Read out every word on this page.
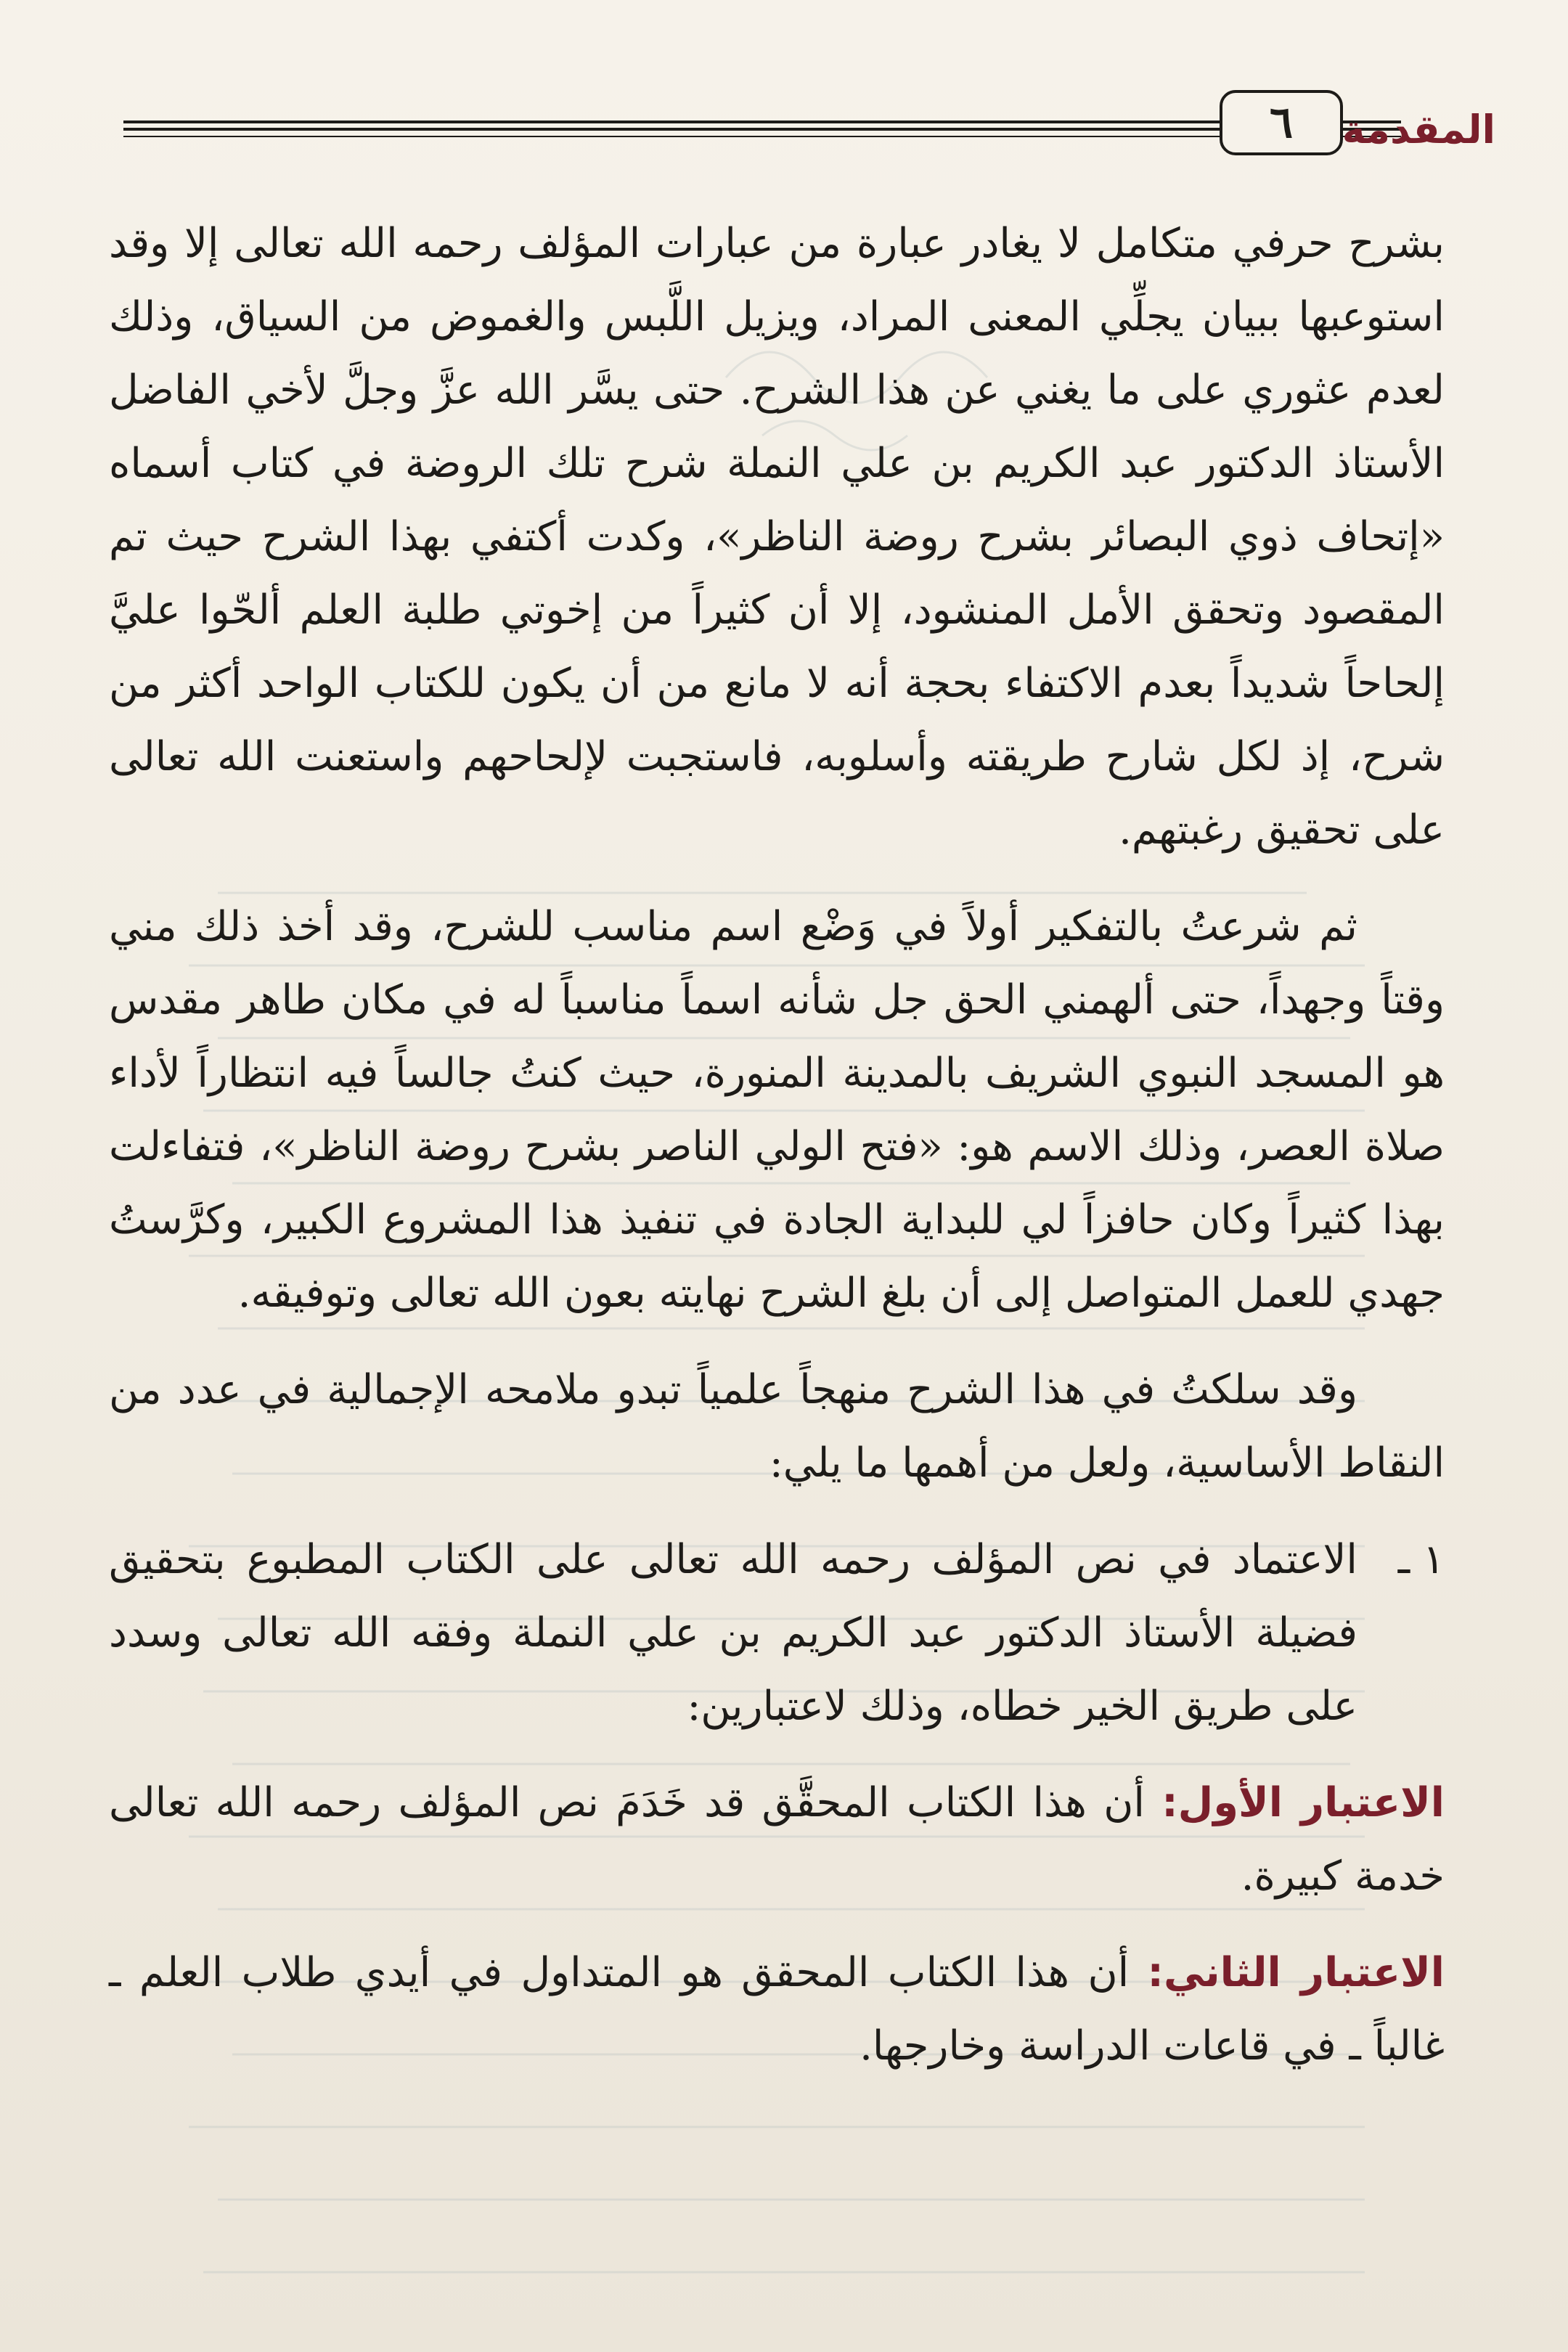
٦	المقدمة

بشرح حرفي متكامل لا يغادر عبارة من عبارات المؤلف رحمه الله تعالى إلا وقد استوعبها ببيان يجلِّي المعنى المراد، ويزيل اللَّبس والغموض من السياق، وذلك لعدم عثوري على ما يغني عن هذا الشرح. حتى يسَّر الله عزَّ وجلَّ لأخي الفاضل الأستاذ الدكتور عبد الكريم بن علي النملة شرح تلك الروضة في كتاب أسماه «إتحاف ذوي البصائر بشرح روضة الناظر»، وكدت أكتفي بهذا الشرح حيث تم المقصود وتحقق الأمل المنشود، إلا أن كثيراً من إخوتي طلبة العلم ألحّوا عليَّ إلحاحاً شديداً بعدم الاكتفاء بحجة أنه لا مانع من أن يكون للكتاب الواحد أكثر من شرح، إذ لكل شارح طريقته وأسلوبه، فاستجبت لإلحاحهم واستعنت الله تعالى على تحقيق رغبتهم.

ثم شرعتُ بالتفكير أولاً في وَضْع اسم مناسب للشرح، وقد أخذ ذلك مني وقتاً وجهداً، حتى ألهمني الحق جل شأنه اسماً مناسباً له في مكان طاهر مقدس هو المسجد النبوي الشريف بالمدينة المنورة، حيث كنتُ جالساً فيه انتظاراً لأداء صلاة العصر، وذلك الاسم هو: «فتح الولي الناصر بشرح روضة الناظر»، فتفاءلت بهذا كثيراً وكان حافزاً لي للبداية الجادة في تنفيذ هذا المشروع الكبير، وكرَّستُ جهدي للعمل المتواصل إلى أن بلغ الشرح نهايته بعون الله تعالى وتوفيقه.

وقد سلكتُ في هذا الشرح منهجاً علمياً تبدو ملامحه الإجمالية في عدد من النقاط الأساسية، ولعل من أهمها ما يلي:

١ ـ
الاعتماد في نص المؤلف رحمه الله تعالى على الكتاب المطبوع بتحقيق فضيلة الأستاذ الدكتور عبد الكريم بن علي النملة وفقه الله تعالى وسدد على طريق الخير خطاه، وذلك لاعتبارين:

الاعتبار الأول: أن هذا الكتاب المحقَّق قد خَدَمَ نص المؤلف رحمه الله تعالى خدمة كبيرة.

الاعتبار الثاني: أن هذا الكتاب المحقق هو المتداول في أيدي طلاب العلم ـ غالباً ـ في قاعات الدراسة وخارجها.
